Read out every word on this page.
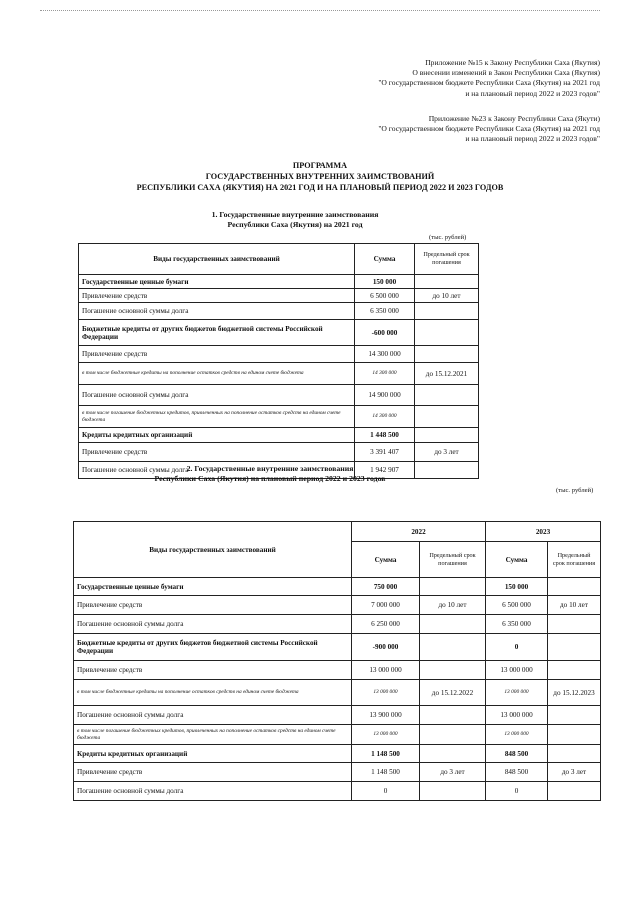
Приложение №15 к Закону Республики Саха (Якутия)
О внесении изменений в Закон Республики Саха (Якутия)
"О государственном бюджете Республики Саха (Якутия) на 2021 год
и на плановый период 2022 и 2023 годов"
Приложение №23 к Закону Республики Саха (Якути)
"О государственном бюджете Республики Саха (Якутия) на 2021 год
и на плановый период 2022 и 2023 годов"
ПРОГРАММА
ГОСУДАРСТВЕННЫХ ВНУТРЕННИХ ЗАИМСТВОВАНИЙ
РЕСПУБЛИКИ САХА (ЯКУТИЯ) НА 2021 ГОД И НА ПЛАНОВЫЙ ПЕРИОД 2022 И 2023 ГОДОВ
1. Государственные внутренние заимствования
Республики Саха (Якутия) на 2021 год
(тыс. рублей)
Виды государственных заимствований	Сумма	Предельный срок погашения
Государственные ценные бумаги	150 000	
Привлечение средств	6 500 000	до 10 лет
Погашение основной суммы долга	6 350 000	
Бюджетные кредиты от других бюджетов бюджетной системы Российской Федерации	-600 000	
Привлечение средств	14 300 000	
в том числе бюджетные кредиты на пополнение остатков средств на едином счете бюджета	14 300 000	до 15.12.2021
Погашение основной суммы долга	14 900 000	
в том числе погашение бюджетных кредитов, привлеченных на пополнение остатков средств на едином счете бюджета	14 300 000	
Кредиты кредитных организаций	1 448 500	
Привлечение средств	3 391 407	до 3 лет
Погашение основной суммы долга	1 942 907	
2. Государственные внутренние заимствования
Республики Саха (Якутия) на плановый период 2022 и 2023 годов
(тыс. рублей)
Виды государственных заимствований	2022		2023	
	Сумма	Предельный срок погашения	Сумма	Предельный срок погашения
Государственные ценные бумаги	750 000		150 000	
Привлечение средств	7 000 000	до 10 лет	6 500 000	до 10 лет
Погашение основной суммы долга	6 250 000		6 350 000	
Бюджетные кредиты от других бюджетов бюджетной системы Российской Федерации	-900 000		0	
Привлечение средств	13 000 000		13 000 000	
в том числе бюджетные кредиты на пополнение остатков средств на едином счете бюджета	13 000 000	до 15.12.2022	13 000 000	до 15.12.2023
Погашение основной суммы долга	13 900 000		13 000 000	
в том числе погашение бюджетных кредитов, привлеченных на пополнение остатков средств на едином счете бюджета	13 000 000		13 000 000	
Кредиты кредитных организаций	1 148 500		848 500	
Привлечение средств	1 148 500	до 3 лет	848 500	до 3 лет
Погашение основной суммы долга	0		0	
